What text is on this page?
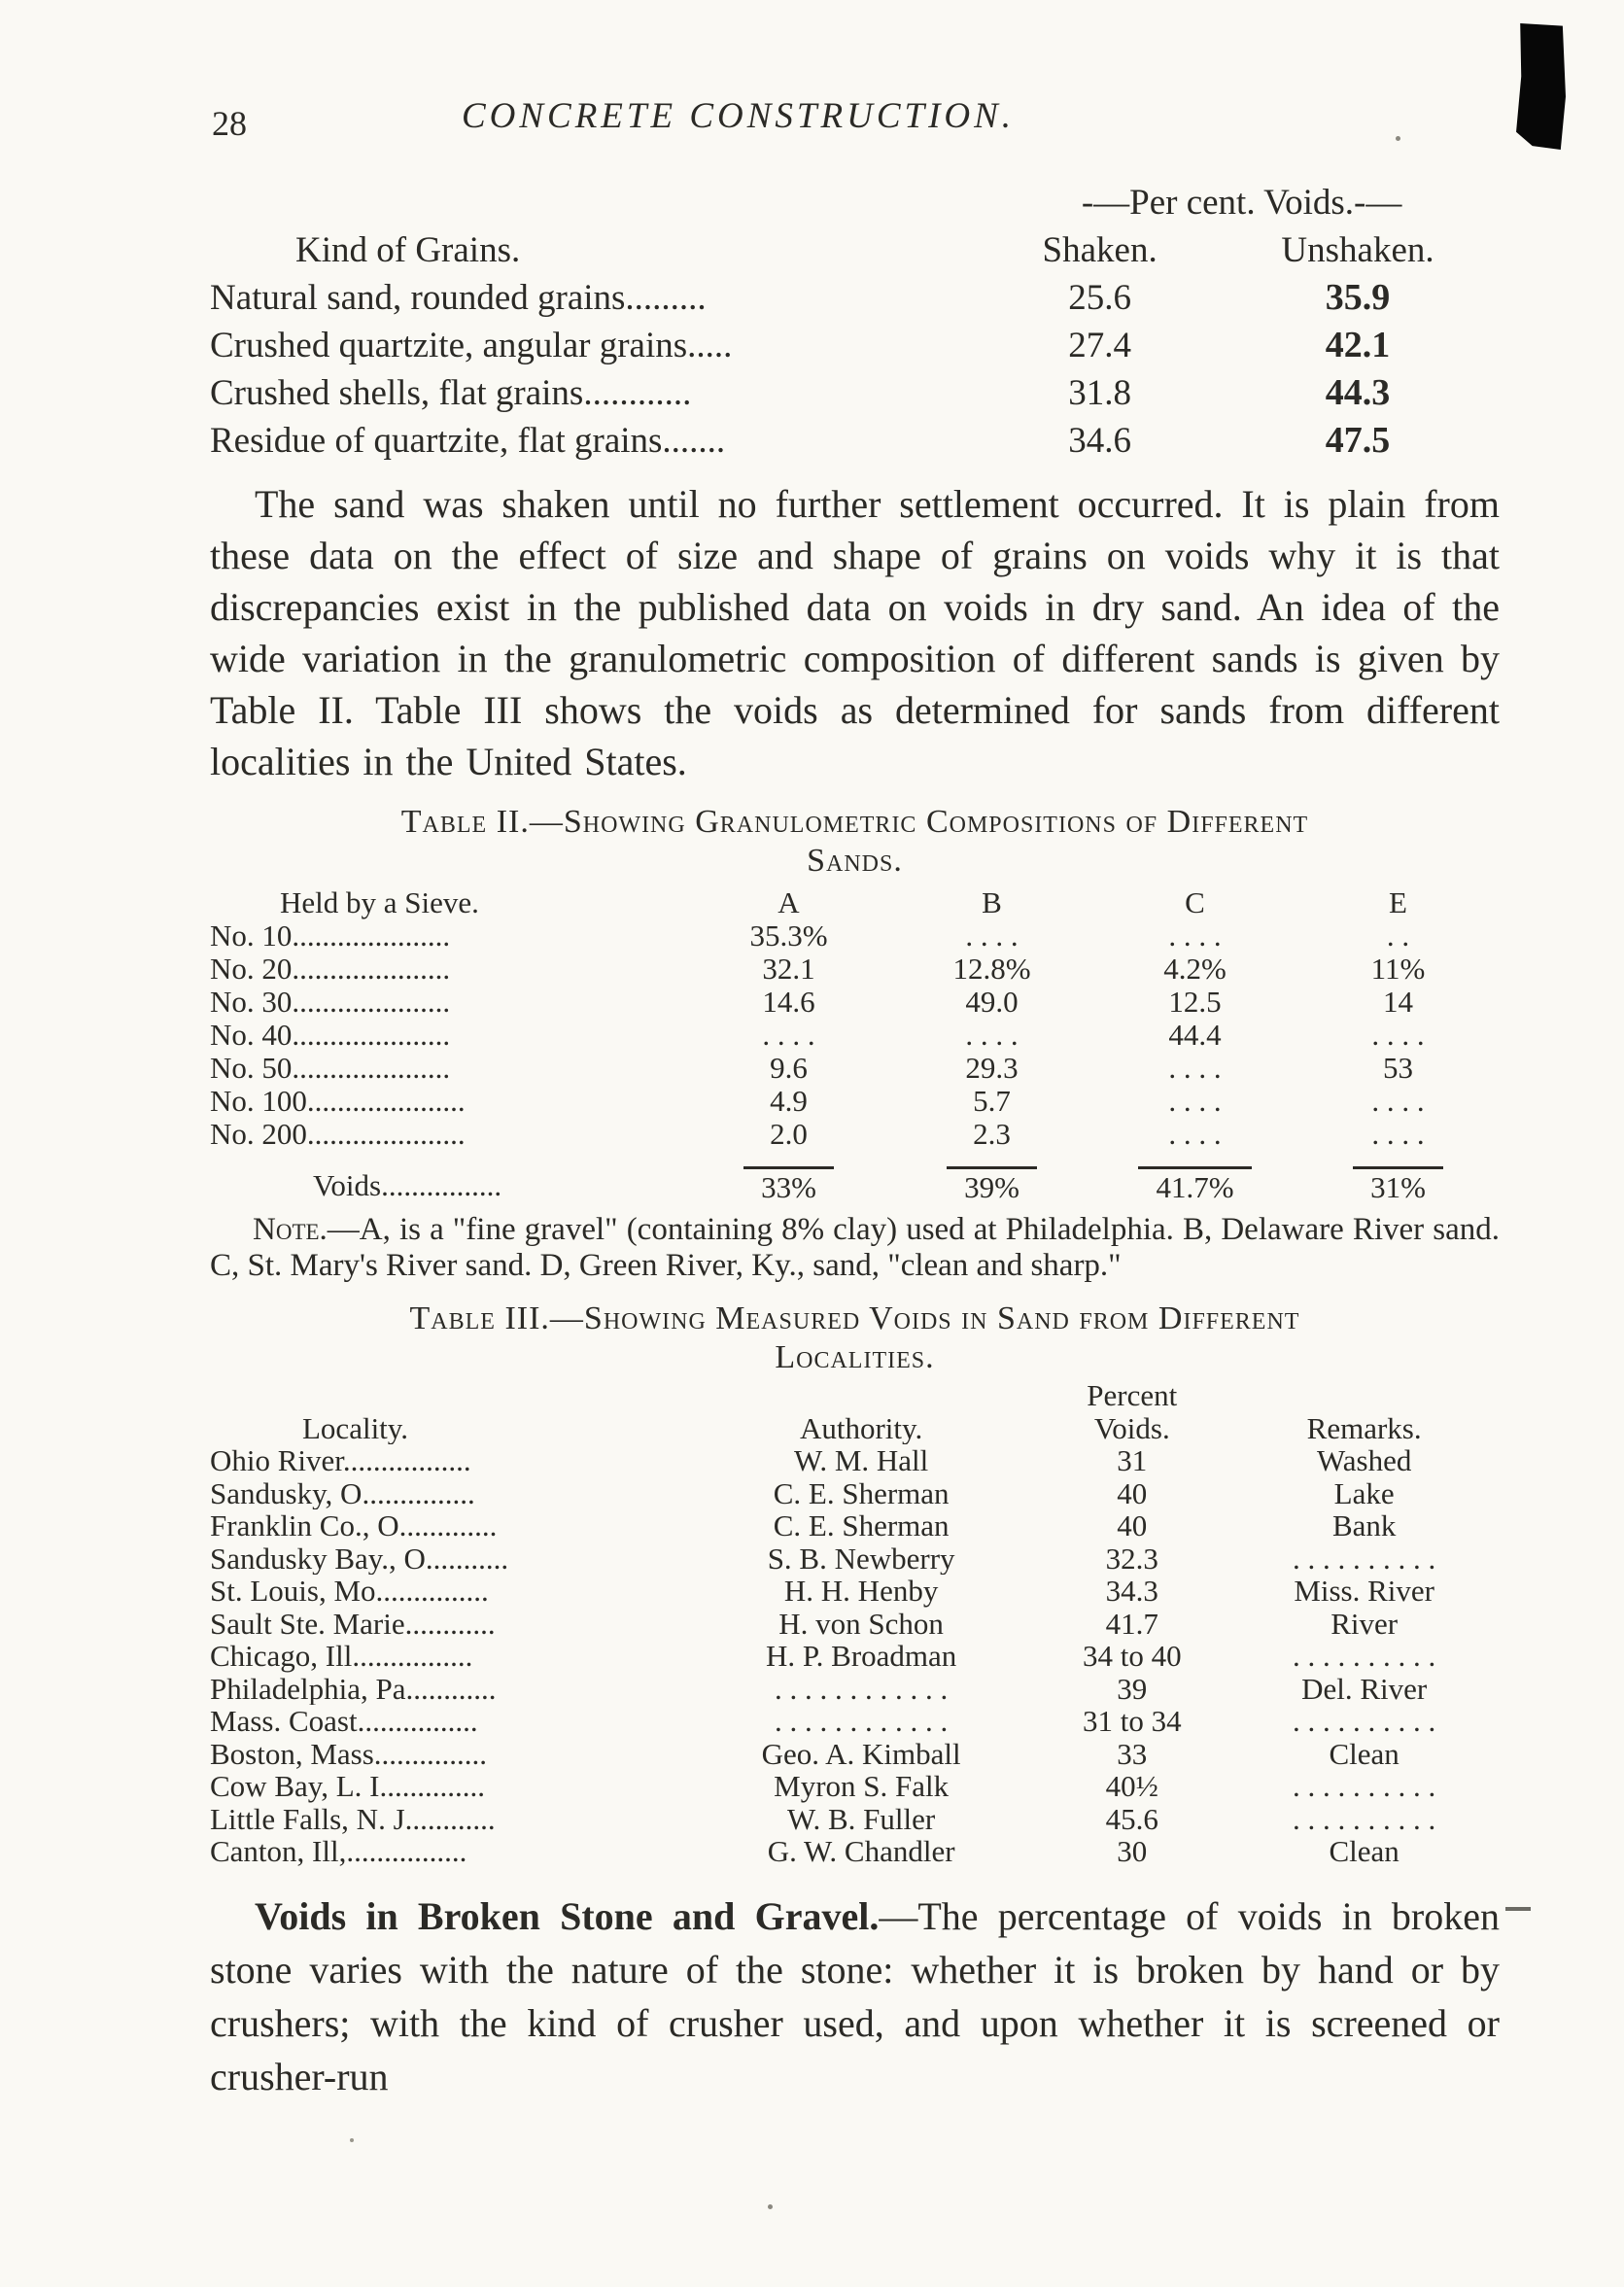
28	CONCRETE CONSTRUCTION.
	-—Per cent. Voids.-—	
Kind of Grains.	Shaken.	Unshaken.
Natural sand, rounded grains.........	25.6	35.9
Crushed quartzite, angular grains.....	27.4	42.1
Crushed shells, flat grains............	31.8	44.3
Residue of quartzite, flat grains.......	34.6	47.5

The sand was shaken until no further settlement occurred. It is plain from these data on the effect of size and shape of grains on voids why it is that discrepancies exist in the published data on voids in dry sand. An idea of the wide variation in the granulometric composition of different sands is given by Table II. Table III shows the voids as determined for sands from different localities in the United States.

Table II.—Showing Granulometric Compositions of Different
Sands.
Held by a Sieve.	A	B	C	E
No. 10.....................	35.3%	. . . .	. . . .	. .
No. 20.....................	32.1	12.8%	4.2%	11%
No. 30.....................	14.6	49.0	12.5	14
No. 40.....................	. . . .	. . . .	44.4	. . . .
No. 50.....................	9.6	29.3	. . . .	53
No. 100.....................	4.9	5.7	. . . .	. . . .
No. 200.....................	2.0	2.3	. . . .	. . . .
Voids................	33%	39%	41.7%	31%

Note.—A, is a "fine gravel" (containing 8% clay) used at Philadelphia. B, Delaware River sand. C, St. Mary's River sand. D, Green River, Ky., sand, "clean and sharp."

Table III.—Showing Measured Voids in Sand from Different
Localities.
		Percent	
Locality.	Authority.	Voids.	Remarks.
Ohio River.................	W. M. Hall	31	Washed
Sandusky, O...............	C. E. Sherman	40	Lake
Franklin Co., O.............	C. E. Sherman	40	Bank
Sandusky Bay., O...........	S. B. Newberry	32.3	. . . . . . . . . .
St. Louis, Mo...............	H. H. Henby	34.3	Miss. River
Sault Ste. Marie............	H. von Schon	41.7	River
Chicago, Ill................	H. P. Broadman	34 to 40	. . . . . . . . . .
Philadelphia, Pa............	. . . . . . . . . . . .	39	Del. River
Mass. Coast................	. . . . . . . . . . . .	31 to 34	. . . . . . . . . .
Boston, Mass...............	Geo. A. Kimball	33	Clean
Cow Bay, L. I..............	Myron S. Falk	40½	. . . . . . . . . .
Little Falls, N. J............	W. B. Fuller	45.6	. . . . . . . . . .
Canton, Ill,................	G. W. Chandler	30	Clean

Voids in Broken Stone and Gravel.—The percentage of voids in broken stone varies with the nature of the stone: whether it is broken by hand or by crushers; with the kind of crusher used, and upon whether it is screened or crusher-run
